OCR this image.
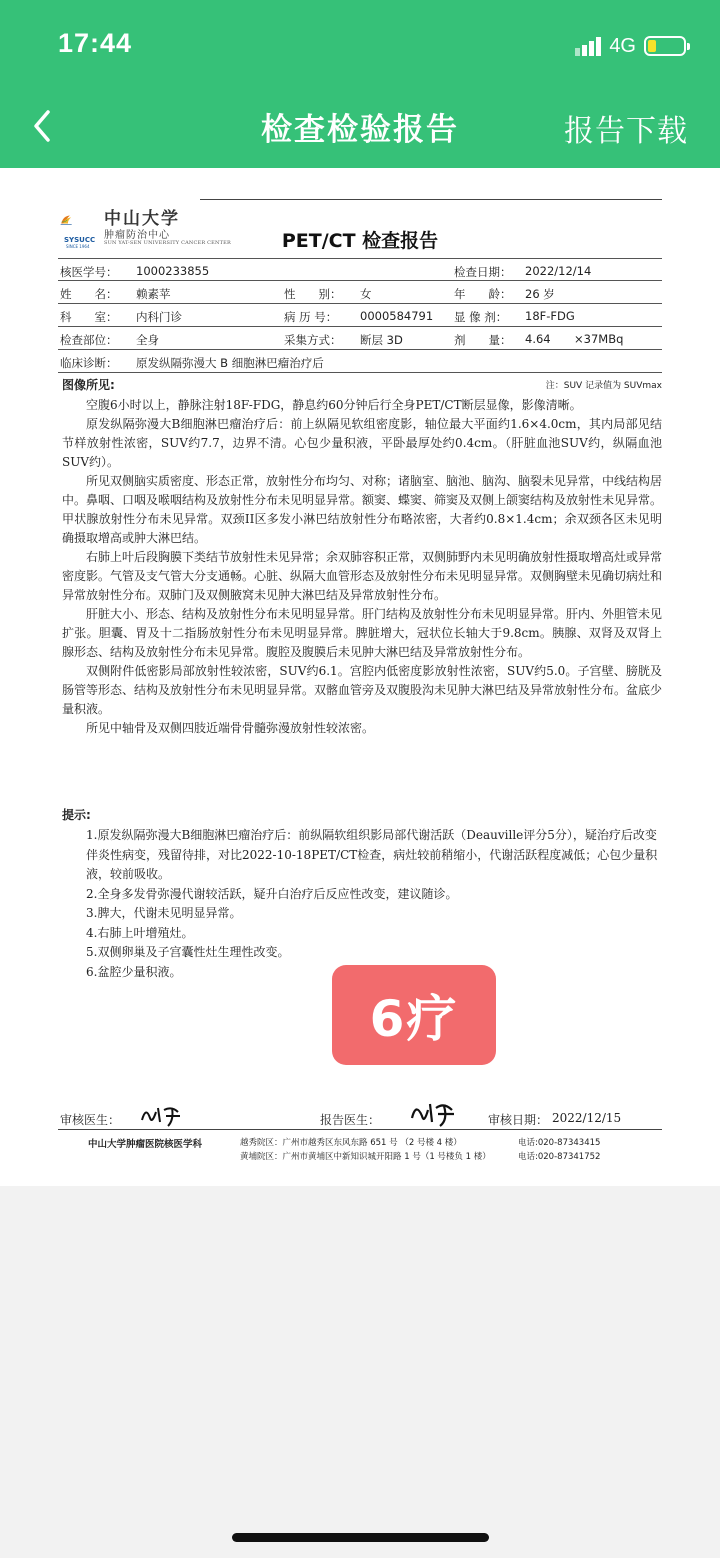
17:44	4G
检查检验报告	报告下载
SYSUCC
SINCE 1964
中山大学
肿瘤防治中心
SUN YAT-SEN UNIVERSITY CANCER CENTER	PET/CT 检查报告
核医学号： 1000233855	检查日期： 2022/12/14
姓　　名： 赖素苹	性　　别： 女	年　　龄： 26 岁
科　　室： 内科门诊	病 历 号： 0000584791 显 像 剂： 18F-FDG
检查部位： 全身	采集方式： 断层 3D	剂　　量： 4.64 ×37MBq
临床诊断： 原发纵隔弥漫大 B 细胞淋巴瘤治疗后
图像所见:	注：SUV 记录值为 SUVmax

空腹6小时以上，静脉注射18F-FDG，静息约60分钟后行全身PET/CT断层显像，影像清晰。

原发纵隔弥漫大B细胞淋巴瘤治疗后：前上纵隔见软组密度影，轴位最大平面约1.6×4.0cm，其内局部见结节样放射性浓密，SUV约7.7，边界不清。心包少量积液，平卧最厚处约0.4cm。（肝脏血池SUV约，纵隔血池SUV约）。

所见双侧脑实质密度、形态正常，放射性分布均匀、对称；诸脑室、脑池、脑沟、脑裂未见异常，中线结构居中。鼻咽、口咽及喉咽结构及放射性分布未见明显异常。额窦、蝶窦、筛窦及双侧上颌窦结构及放射性未见异常。甲状腺放射性分布未见异常。双颈II区多发小淋巴结放射性分布略浓密，大者约0.8×1.4cm；余双颈各区未见明确摄取增高或肿大淋巴结。

右肺上叶后段胸膜下类结节放射性未见异常；余双肺容积正常，双侧肺野内未见明确放射性摄取增高灶或异常密度影。气管及支气管大分支通畅。心脏、纵隔大血管形态及放射性分布未见明显异常。双侧胸壁未见确切病灶和异常放射性分布。双肺门及双侧腋窝未见肿大淋巴结及异常放射性分布。

肝脏大小、形态、结构及放射性分布未见明显异常。肝门结构及放射性分布未见明显异常。肝内、外胆管未见扩张。胆囊、胃及十二指肠放射性分布未见明显异常。脾脏增大，冠状位长轴大于9.8cm。胰腺、双肾及双肾上腺形态、结构及放射性分布未见异常。腹腔及腹膜后未见肿大淋巴结及异常放射性分布。

双侧附件低密影局部放射性较浓密，SUV约6.1。宫腔内低密度影放射性浓密，SUV约5.0。子宫壁、膀胱及肠管等形态、结构及放射性分布未见明显异常。双髂血管旁及双腹股沟未见肿大淋巴结及异常放射性分布。盆底少量积液。

所见中轴骨及双侧四肢近端骨骨髓弥漫放射性较浓密。

提示:

1.原发纵隔弥漫大B细胞淋巴瘤治疗后：前纵隔软组织影局部代谢活跃（Deauville评分5分），疑治疗后改变伴炎性病变，残留待排，对比2022-10-18PET/CT检查，病灶较前稍缩小，代谢活跃程度减低；心包少量积液，较前吸收。

2.全身多发骨弥漫代谢较活跃，疑升白治疗后反应性改变，建议随诊。

3.脾大，代谢未见明显异常。

4.右肺上叶增殖灶。

5.双侧卵巢及子宫囊性灶生理性改变。

6.盆腔少量积液。

6疗
审核医生：	报告医生：	审核日期： 2022/12/15
中山大学肿瘤医院核医学科	越秀院区：广州市越秀区东风东路 651 号 （2 号楼 4 楼）
黄埔院区：广州市黄埔区中新知识城开阳路 1 号（1 号楼负 1 楼）
电话:020-87343415
电话:020-87341752
